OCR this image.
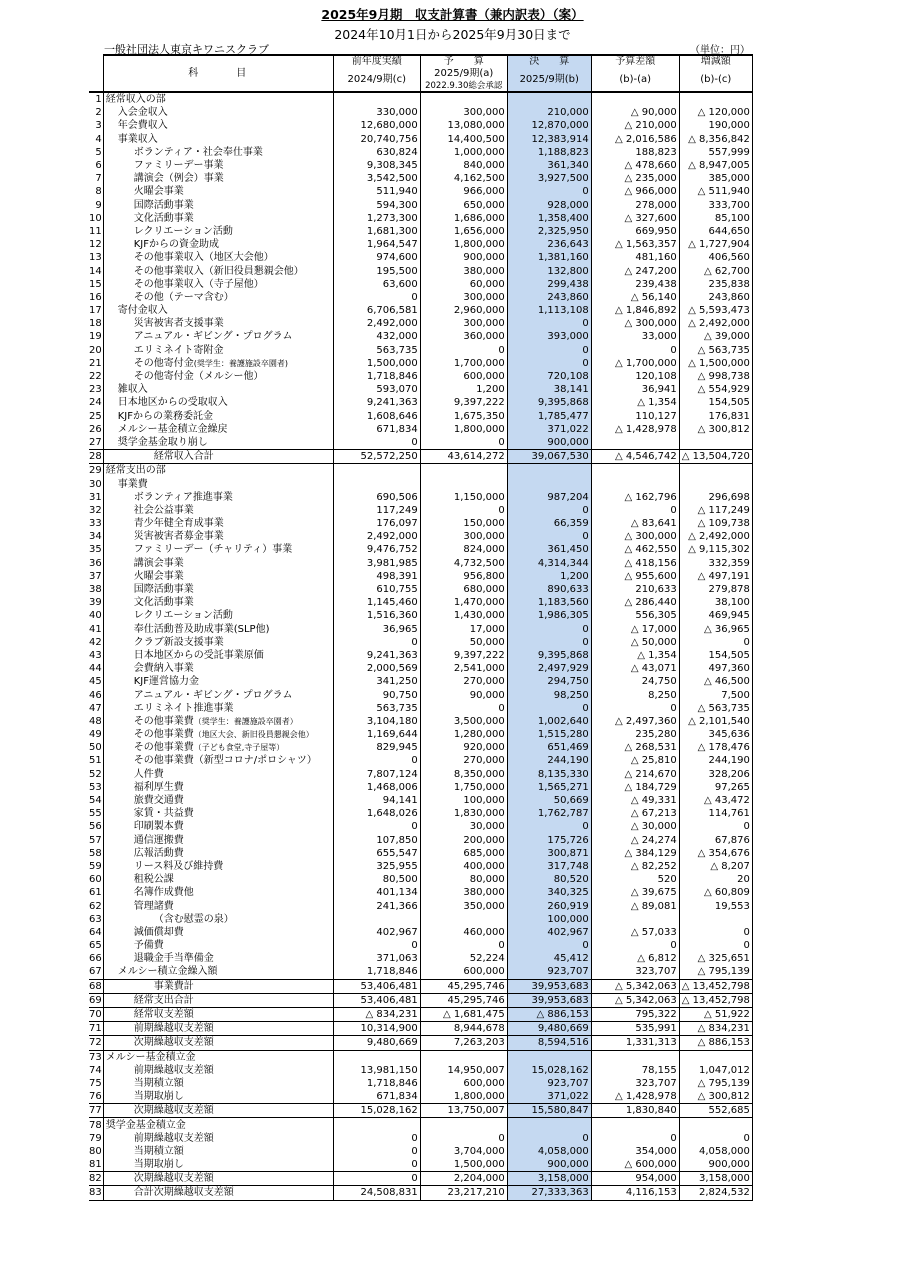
2025年9月期　収支計算書（兼内訳表）（案）
2024年10月1日から2025年9月30日まで
一般社団法人東京キワニスクラブ	（単位：円）
	科　　　目	前年度実績	予　　算	決　　算	予算差額	増減額
		2024/9期(c)	2025/9期(a)	2025/9期(b)	(b)-(a)	(b)-(c)
			2022.9.30総会承認			
1	経常収入の部					
2	入会金収入	330,000	300,000	210,000	△ 90,000	△ 120,000
3	年会費収入	12,680,000	13,080,000	12,870,000	△ 210,000	190,000
4	事業収入	20,740,756	14,400,500	12,383,914	△ 2,016,586	△ 8,356,842
5	ボランティア・社会奉仕事業	630,824	1,000,000	1,188,823	188,823	557,999
6	ファミリーデー事業	9,308,345	840,000	361,340	△ 478,660	△ 8,947,005
7	講演会（例会）事業	3,542,500	4,162,500	3,927,500	△ 235,000	385,000
8	火曜会事業	511,940	966,000	0	△ 966,000	△ 511,940
9	国際活動事業	594,300	650,000	928,000	278,000	333,700
10	文化活動事業	1,273,300	1,686,000	1,358,400	△ 327,600	85,100
11	レクリエーション活動	1,681,300	1,656,000	2,325,950	669,950	644,650
12	KJFからの資金助成	1,964,547	1,800,000	236,643	△ 1,563,357	△ 1,727,904
13	その他事業収入（地区大会他）	974,600	900,000	1,381,160	481,160	406,560
14	その他事業収入（新旧役員懇親会他）	195,500	380,000	132,800	△ 247,200	△ 62,700
15	その他事業収入（寺子屋他）	63,600	60,000	299,438	239,438	235,838
16	その他（テーマ含む）	0	300,000	243,860	△ 56,140	243,860
17	寄付金収入	6,706,581	2,960,000	1,113,108	△ 1,846,892	△ 5,593,473
18	災害被害者支援事業	2,492,000	300,000	0	△ 300,000	△ 2,492,000
19	アニュアル・ギビング・プログラム	432,000	360,000	393,000	33,000	△ 39,000
20	エリミネイト寄附金	563,735	0	0	0	△ 563,735
21	その他寄付金(奨学生：養護施設卒園者)	1,500,000	1,700,000	0	△ 1,700,000	△ 1,500,000
22	その他寄付金（メルシー他）	1,718,846	600,000	720,108	120,108	△ 998,738
23	雑収入	593,070	1,200	38,141	36,941	△ 554,929
24	日本地区からの受取収入	9,241,363	9,397,222	9,395,868	△ 1,354	154,505
25	KJFからの業務委託金	1,608,646	1,675,350	1,785,477	110,127	176,831
26	メルシー基金積立金繰戻	671,834	1,800,000	371,022	△ 1,428,978	△ 300,812
27	奨学金基金取り崩し	0	0	900,000		
28	経常収入合計	52,572,250	43,614,272	39,067,530	△ 4,546,742	△ 13,504,720
29	経常支出の部					
30	事業費					
31	ボランティア推進事業	690,506	1,150,000	987,204	△ 162,796	296,698
32	社会公益事業	117,249	0	0	0	△ 117,249
33	青少年健全育成事業	176,097	150,000	66,359	△ 83,641	△ 109,738
34	災害被害者募金事業	2,492,000	300,000	0	△ 300,000	△ 2,492,000
35	ファミリーデー（チャリティ）事業	9,476,752	824,000	361,450	△ 462,550	△ 9,115,302
36	講演会事業	3,981,985	4,732,500	4,314,344	△ 418,156	332,359
37	火曜会事業	498,391	956,800	1,200	△ 955,600	△ 497,191
38	国際活動事業	610,755	680,000	890,633	210,633	279,878
39	文化活動事業	1,145,460	1,470,000	1,183,560	△ 286,440	38,100
40	レクリエーション活動	1,516,360	1,430,000	1,986,305	556,305	469,945
41	奉仕活動普及助成事業(SLP他)	36,965	17,000	0	△ 17,000	△ 36,965
42	クラブ新設支援事業	0	50,000	0	△ 50,000	0
43	日本地区からの受託事業原価	9,241,363	9,397,222	9,395,868	△ 1,354	154,505
44	会費納入事業	2,000,569	2,541,000	2,497,929	△ 43,071	497,360
45	KJF運営協力金	341,250	270,000	294,750	24,750	△ 46,500
46	アニュアル・ギビング・プログラム	90,750	90,000	98,250	8,250	7,500
47	エリミネイト推進事業	563,735	0	0	0	△ 563,735
48	その他事業費（奨学生：養護施設卒園者）	3,104,180	3,500,000	1,002,640	△ 2,497,360	△ 2,101,540
49	その他事業費（地区大会、新旧役員懇親会他）	1,169,644	1,280,000	1,515,280	235,280	345,636
50	その他事業費（子ども食堂,寺子屋等）	829,945	920,000	651,469	△ 268,531	△ 178,476
51	その他事業費（新型コロナ/ポロシャツ）	0	270,000	244,190	△ 25,810	244,190
52	人件費	7,807,124	8,350,000	8,135,330	△ 214,670	328,206
53	福利厚生費	1,468,006	1,750,000	1,565,271	△ 184,729	97,265
54	旅費交通費	94,141	100,000	50,669	△ 49,331	△ 43,472
55	家賃・共益費	1,648,026	1,830,000	1,762,787	△ 67,213	114,761
56	印刷製本費	0	30,000	0	△ 30,000	0
57	通信運搬費	107,850	200,000	175,726	△ 24,274	67,876
58	広報活動費	655,547	685,000	300,871	△ 384,129	△ 354,676
59	リース料及び維持費	325,955	400,000	317,748	△ 82,252	△ 8,207
60	租税公課	80,500	80,000	80,520	520	20
61	名簿作成費他	401,134	380,000	340,325	△ 39,675	△ 60,809
62	管理諸費	241,366	350,000	260,919	△ 89,081	19,553
63	（含む慰霊の泉）			100,000		
64	減価償却費	402,967	460,000	402,967	△ 57,033	0
65	予備費	0	0	0	0	0
66	退職金手当準備金	371,063	52,224	45,412	△ 6,812	△ 325,651
67	メルシー積立金繰入額	1,718,846	600,000	923,707	323,707	△ 795,139
68	事業費計	53,406,481	45,295,746	39,953,683	△ 5,342,063	△ 13,452,798
69	経常支出合計	53,406,481	45,295,746	39,953,683	△ 5,342,063	△ 13,452,798
70	経常収支差額	△ 834,231	△ 1,681,475	△ 886,153	795,322	△ 51,922
71	前期繰越収支差額	10,314,900	8,944,678	9,480,669	535,991	△ 834,231
72	次期繰越収支差額	9,480,669	7,263,203	8,594,516	1,331,313	△ 886,153
73	メルシー基金積立金					
74	前期繰越収支差額	13,981,150	14,950,007	15,028,162	78,155	1,047,012
75	当期積立額	1,718,846	600,000	923,707	323,707	△ 795,139
76	当期取崩し	671,834	1,800,000	371,022	△ 1,428,978	△ 300,812
77	次期繰越収支差額	15,028,162	13,750,007	15,580,847	1,830,840	552,685
78	奨学金基金積立金					
79	前期繰越収支差額	0	0	0	0	0
80	当期積立額	0	3,704,000	4,058,000	354,000	4,058,000
81	当期取崩し	0	1,500,000	900,000	△ 600,000	900,000
82	次期繰越収支差額	0	2,204,000	3,158,000	954,000	3,158,000
83	合計次期繰越収支差額	24,508,831	23,217,210	27,333,363	4,116,153	2,824,532
